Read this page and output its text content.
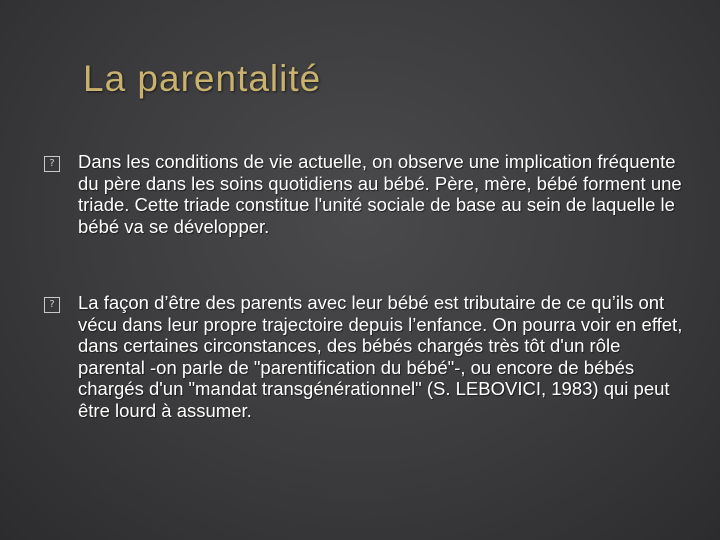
La parentalité
? Dans les conditions de vie actuelle, on observe une implication fréquente du père dans les soins quotidiens au bébé. Père, mère, bébé forment une triade. Cette triade constitue l'unité sociale de base au sein de laquelle le bébé va se développer.
? La façon d’être des parents avec leur bébé est tributaire de ce qu’ils ont vécu dans leur propre trajectoire depuis l’enfance. On pourra voir en effet, dans certaines circonstances, des bébés chargés très tôt d'un rôle parental -on parle de "parentification du bébé"-, ou encore de bébés chargés d'un "mandat transgénérationnel" (S. LEBOVICI, 1983) qui peut être lourd à assumer.
